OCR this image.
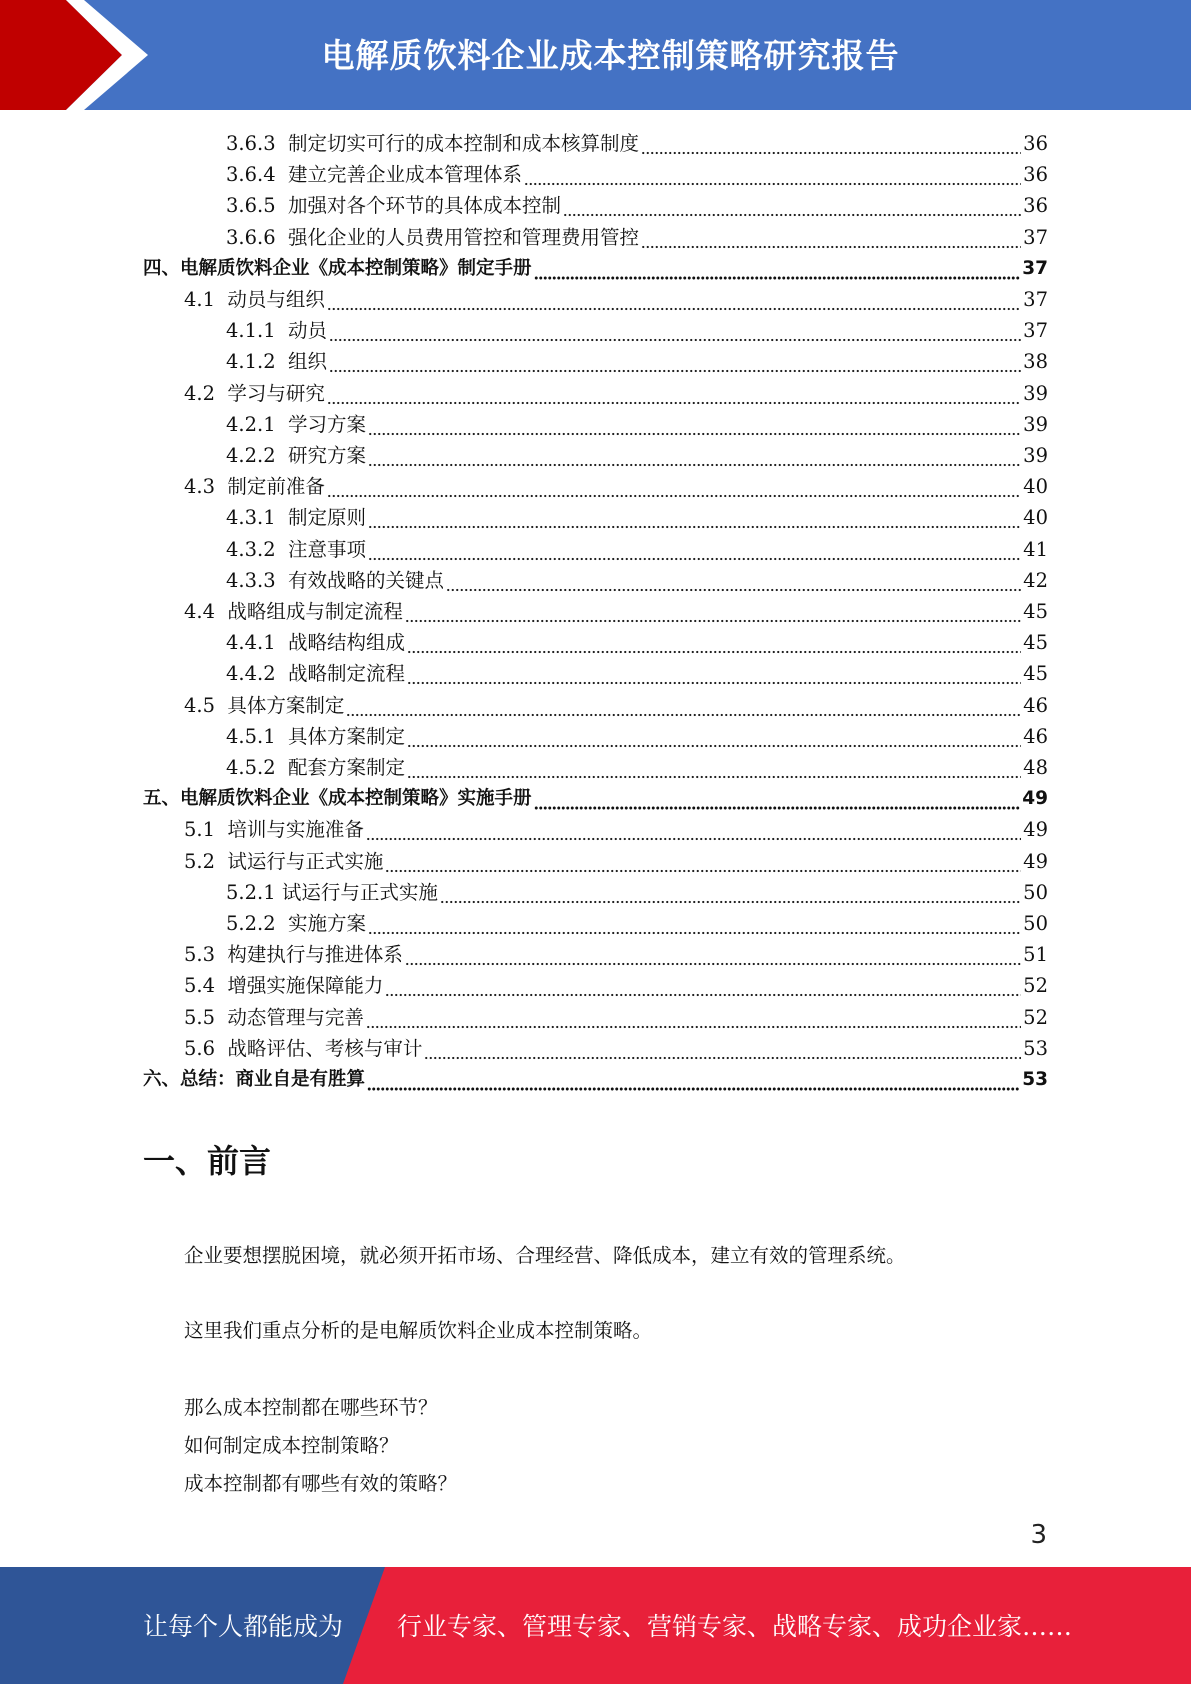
电解质饮料企业成本控制策略研究报告
3.6.3 制定切实可行的成本控制和成本核算制度	36
3.6.4 建立完善企业成本管理体系	36
3.6.5 加强对各个环节的具体成本控制	36
3.6.6 强化企业的人员费用管控和管理费用管控	37
四、电解质饮料企业《成本控制策略》制定手册	37
4.1 动员与组织	37
4.1.1 动员	37
4.1.2 组织	38
4.2 学习与研究	39
4.2.1 学习方案	39
4.2.2 研究方案	39
4.3 制定前准备	40
4.3.1 制定原则	40
4.3.2 注意事项	41
4.3.3 有效战略的关键点	42
4.4 战略组成与制定流程	45
4.4.1 战略结构组成	45
4.4.2 战略制定流程	45
4.5 具体方案制定	46
4.5.1 具体方案制定	46
4.5.2 配套方案制定	48
五、电解质饮料企业《成本控制策略》实施手册	49
5.1 培训与实施准备	49
5.2 试运行与正式实施	49
5.2.1 试运行与正式实施	50
5.2.2 实施方案	50
5.3 构建执行与推进体系	51
5.4 增强实施保障能力	52
5.5 动态管理与完善	52
5.6 战略评估、考核与审计	53
六、总结：商业自是有胜算	53
一、前言

企业要想摆脱困境，就必须开拓市场、合理经营、降低成本，建立有效的管理系统。

这里我们重点分析的是电解质饮料企业成本控制策略。

那么成本控制都在哪些环节？

如何制定成本控制策略？

成本控制都有哪些有效的策略？

3
让每个人都能成为 行业专家、管理专家、营销专家、战略专家、成功企业家……
